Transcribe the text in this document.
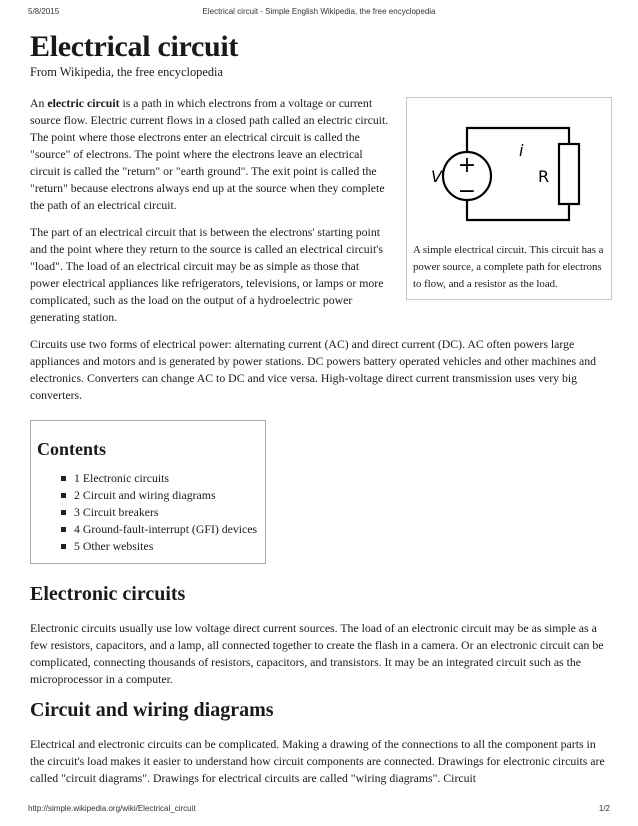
5/8/2015	Electrical circuit - Simple English Wikipedia, the free encyclopedia
Electrical circuit
From Wikipedia, the free encyclopedia
+
−
V
i
R
A simple electrical circuit. This circuit has a power source, a complete path for electrons to flow, and a resistor as the load.

An electric circuit is a path in which electrons from a voltage or current source flow. Electric current flows in a closed path called an electric circuit. The point where those electrons enter an electrical circuit is called the "source" of electrons. The point where the electrons leave an electrical circuit is called the "return" or "earth ground". The exit point is called the "return" because electrons always end up at the source when they complete the path of an electrical circuit.

The part of an electrical circuit that is between the electrons' starting point and the point where they return to the source is called an electrical circuit's "load". The load of an electrical circuit may be as simple as those that power electrical appliances like refrigerators, televisions, or lamps or more complicated, such as the load on the output of a hydroelectric power generating station.

Circuits use two forms of electrical power: alternating current (AC) and direct current (DC). AC often powers large appliances and motors and is generated by power stations. DC powers battery operated vehicles and other machines and electronics. Converters can change AC to DC and vice versa. High-voltage direct current transmission uses very big converters.

Contents
1 Electronic circuits
2 Circuit and wiring diagrams
3 Circuit breakers
4 Ground-fault-interrupt (GFI) devices
5 Other websites
Electronic circuits

Electronic circuits usually use low voltage direct current sources. The load of an electronic circuit may be as simple as a few resistors, capacitors, and a lamp, all connected together to create the flash in a camera. Or an electronic circuit can be complicated, connecting thousands of resistors, capacitors, and transistors. It may be an integrated circuit such as the microprocessor in a computer.

Circuit and wiring diagrams

Electrical and electronic circuits can be complicated. Making a drawing of the connections to all the component parts in the circuit's load makes it easier to understand how circuit components are connected. Drawings for electronic circuits are called "circuit diagrams". Drawings for electrical circuits are called "wiring diagrams". Circuit

http://simple.wikipedia.org/wiki/Electrical_circuit	1/2
